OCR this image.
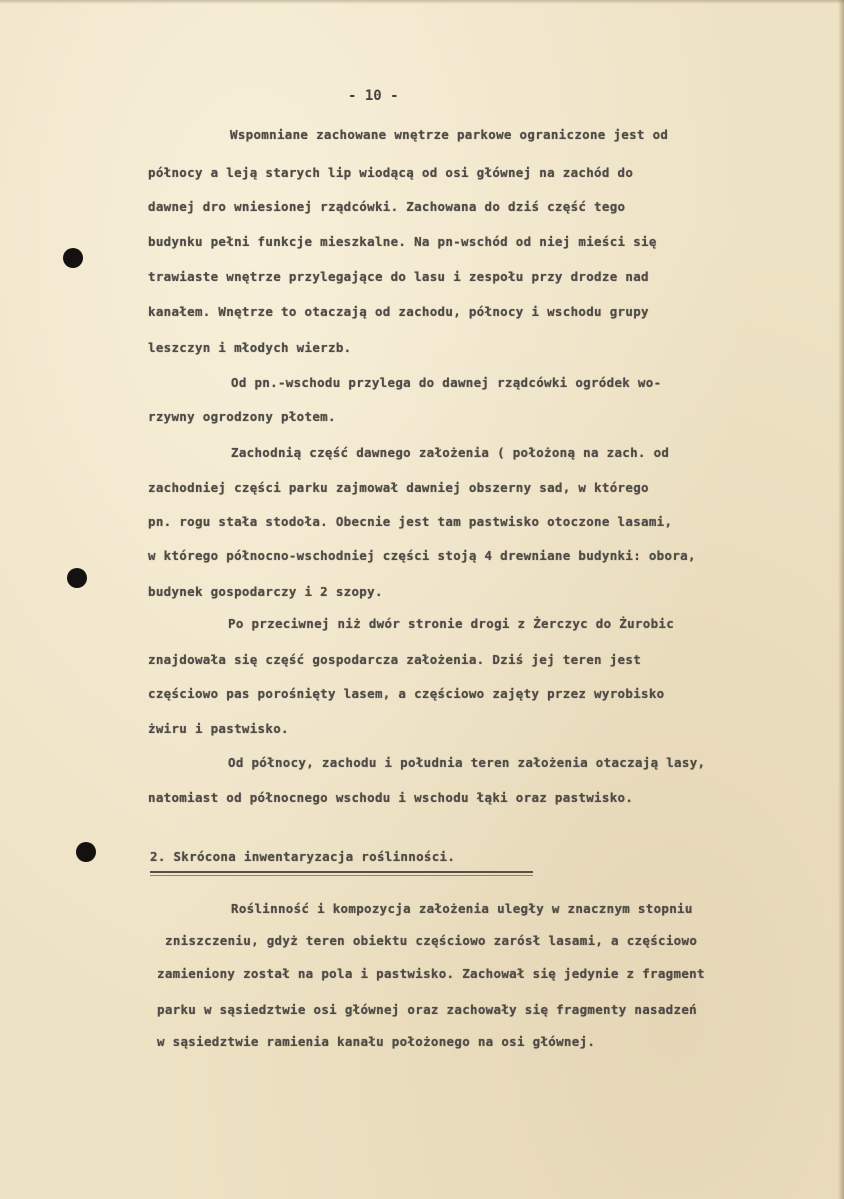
- 10 -
Wspomniane zachowane wnętrze parkowe ograniczone jest od
północy a leją starych lip wiodącą od osi głównej na zachód do
dawnej dro wniesionej rządcówki. Zachowana do dziś część tego
budynku pełni funkcje mieszkalne. Na pn-wschód od niej mieści się
trawiaste wnętrze przylegające do lasu i zespołu przy drodze nad
kanałem. Wnętrze to otaczają od zachodu, północy i wschodu grupy
leszczyn i młodych wierzb.
Od pn.-wschodu przylega do dawnej rządcówki ogródek wo-
rzywny ogrodzony płotem.
Zachodnią część dawnego założenia ( położoną na zach. od
zachodniej części parku zajmował dawniej obszerny sad, w którego
pn. rogu stała stodoła. Obecnie jest tam pastwisko otoczone lasami,
w którego północno-wschodniej części stoją 4 drewniane budynki: obora,
budynek gospodarczy i 2 szopy.
Po przeciwnej niż dwór stronie drogi z Żerczyc do Żurobic
znajdowała się część gospodarcza założenia. Dziś jej teren jest
częściowo pas porośnięty lasem, a częściowo zajęty przez wyrobisko
żwiru i pastwisko.
Od północy, zachodu i południa teren założenia otaczają lasy,
natomiast od północnego wschodu i wschodu łąki oraz pastwisko.
2. Skrócona inwentaryzacja roślinności.
Roślinność i kompozycja założenia uległy w znacznym stopniu
zniszczeniu, gdyż teren obiektu częściowo zarósł lasami, a częściowo
zamieniony został na pola i pastwisko. Zachował się jedynie z fragment
parku w sąsiedztwie osi głównej oraz zachowały się fragmenty nasadzeń
w sąsiedztwie ramienia kanału położonego na osi głównej.
